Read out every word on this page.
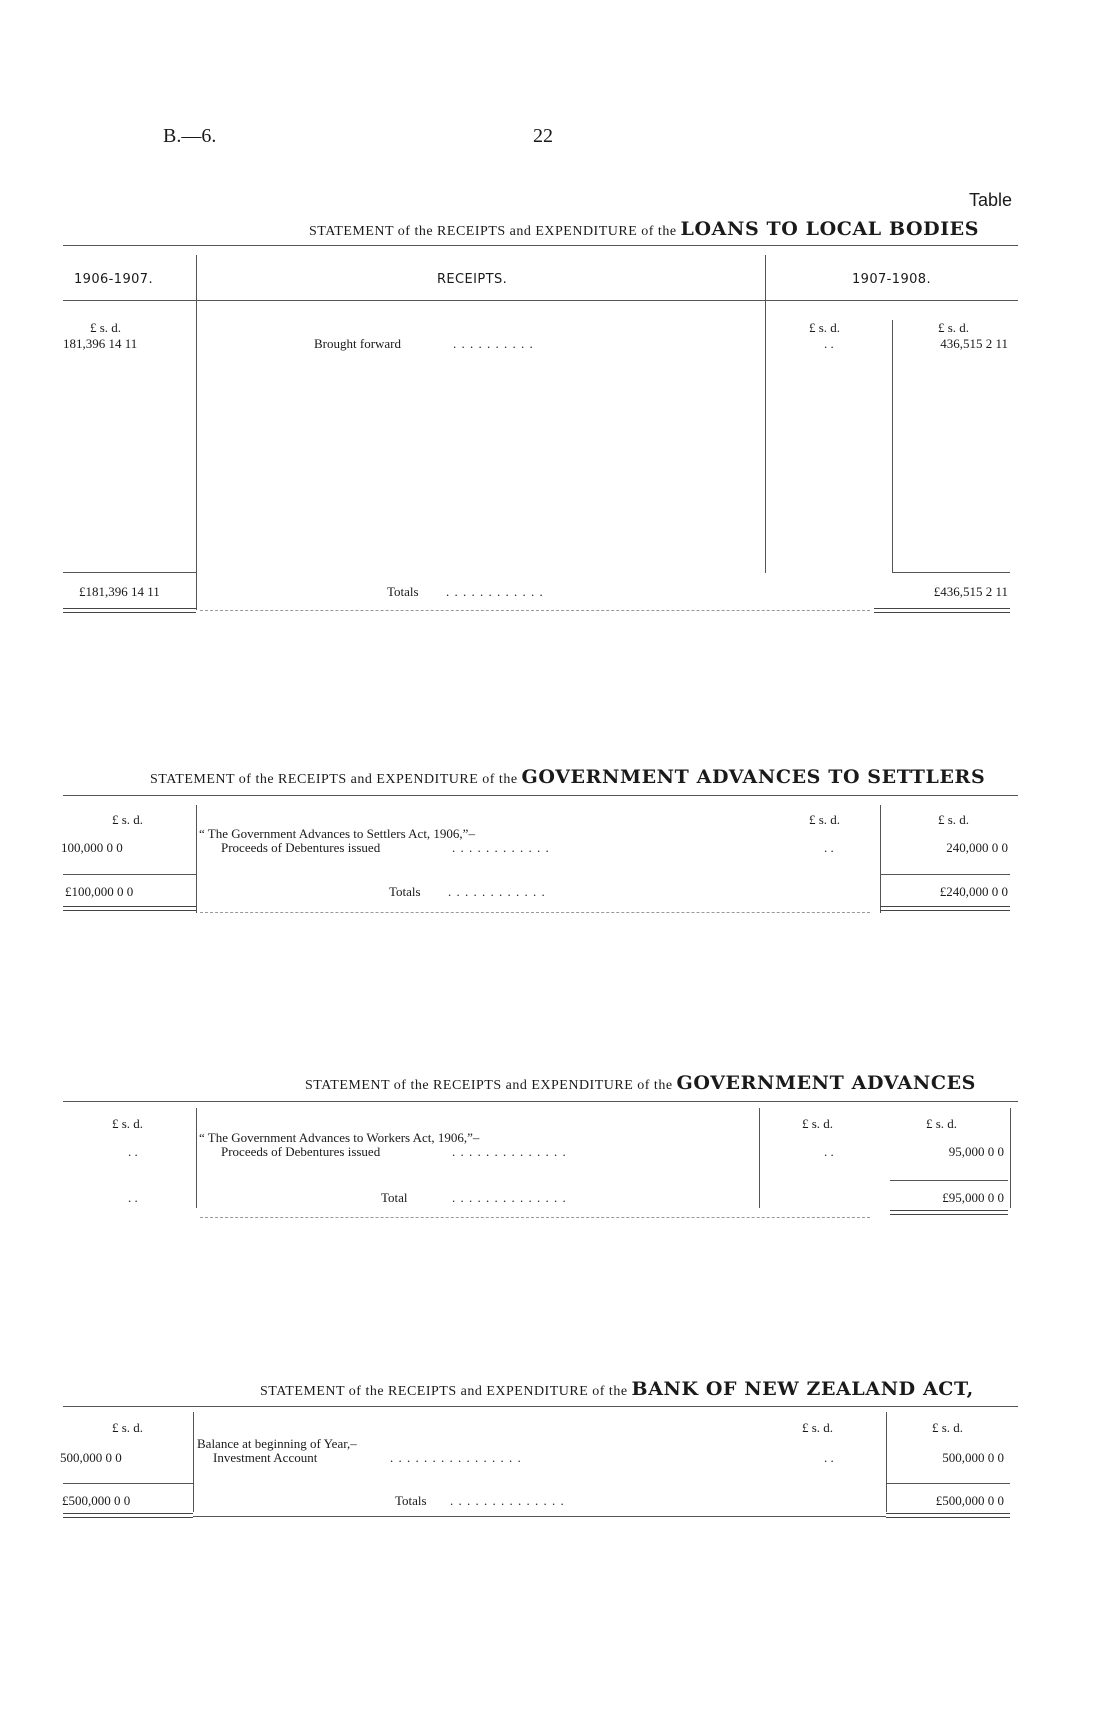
B.—6.	22
Table
STATEMENT of the RECEIPTS and EXPENDITURE of the LOANS TO LOCAL BODIES
1906-1907.	RECEIPTS.	1907-1908.
£ s. d.	£ s. d.	£ s. d.
181,396 14 11	Brought forward	. . . . . . . . . .	. .	436,515 2 11
£181,396 14 11	Totals . . . . . . . . . . . .	£436,515 2 11
STATEMENT of the RECEIPTS and EXPENDITURE of the GOVERNMENT ADVANCES TO SETTLERS
£ s. d.	£ s. d.	£ s. d.
“ The Government Advances to Settlers Act, 1906,”–
100,000 0 0	Proceeds of Debentures issued	. . . . . . . . . . . .	. .	240,000 0 0
£100,000 0 0	Totals . . . . . . . . . . . .	£240,000 0 0
STATEMENT of the RECEIPTS and EXPENDITURE of the GOVERNMENT ADVANCES
£ s. d.	£ s. d.	£ s. d.
“ The Government Advances to Workers Act, 1906,”–
. .	Proceeds of Debentures issued	. . . . . . . . . . . . . .	. .	95,000 0 0
. .	Total	. . . . . . . . . . . . . .	£95,000 0 0
STATEMENT of the RECEIPTS and EXPENDITURE of the BANK OF NEW ZEALAND ACT,
£ s. d.	£ s. d.	£ s. d.
Balance at beginning of Year,–
500,000 0 0	Investment Account	. . . . . . . . . . . . . . . .	. .	500,000 0 0
£500,000 0 0	Totals . . . . . . . . . . . . . .	£500,000 0 0
